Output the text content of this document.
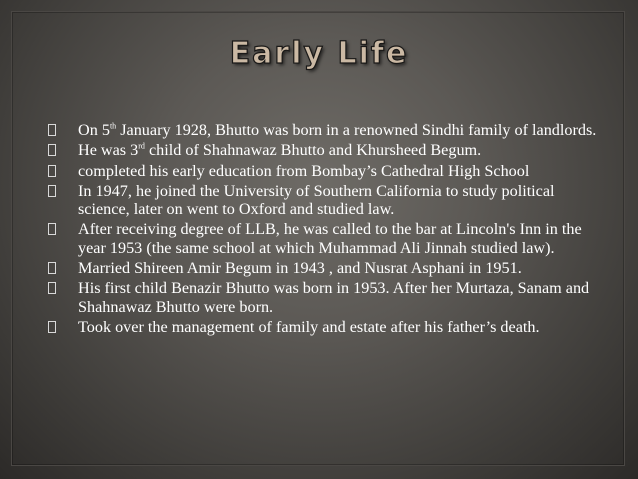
Early Life
On 5th January 1928, Bhutto was born in a renowned Sindhi family of landlords.
He was 3rd child of Shahnawaz Bhutto and Khursheed Begum.
completed his early education from Bombay’s Cathedral High School
In 1947, he joined the University of Southern California to study political science, later on went to Oxford and studied law.
After receiving degree of LLB, he was called to the bar at Lincoln's Inn in the year 1953 (the same school at which Muhammad Ali Jinnah studied law).
Married Shireen Amir Begum in 1943 , and Nusrat Asphani in 1951.
His first child Benazir Bhutto was born in 1953. After her Murtaza, Sanam and Shahnawaz Bhutto were born.
Took over the management of family and estate after his father’s death.
